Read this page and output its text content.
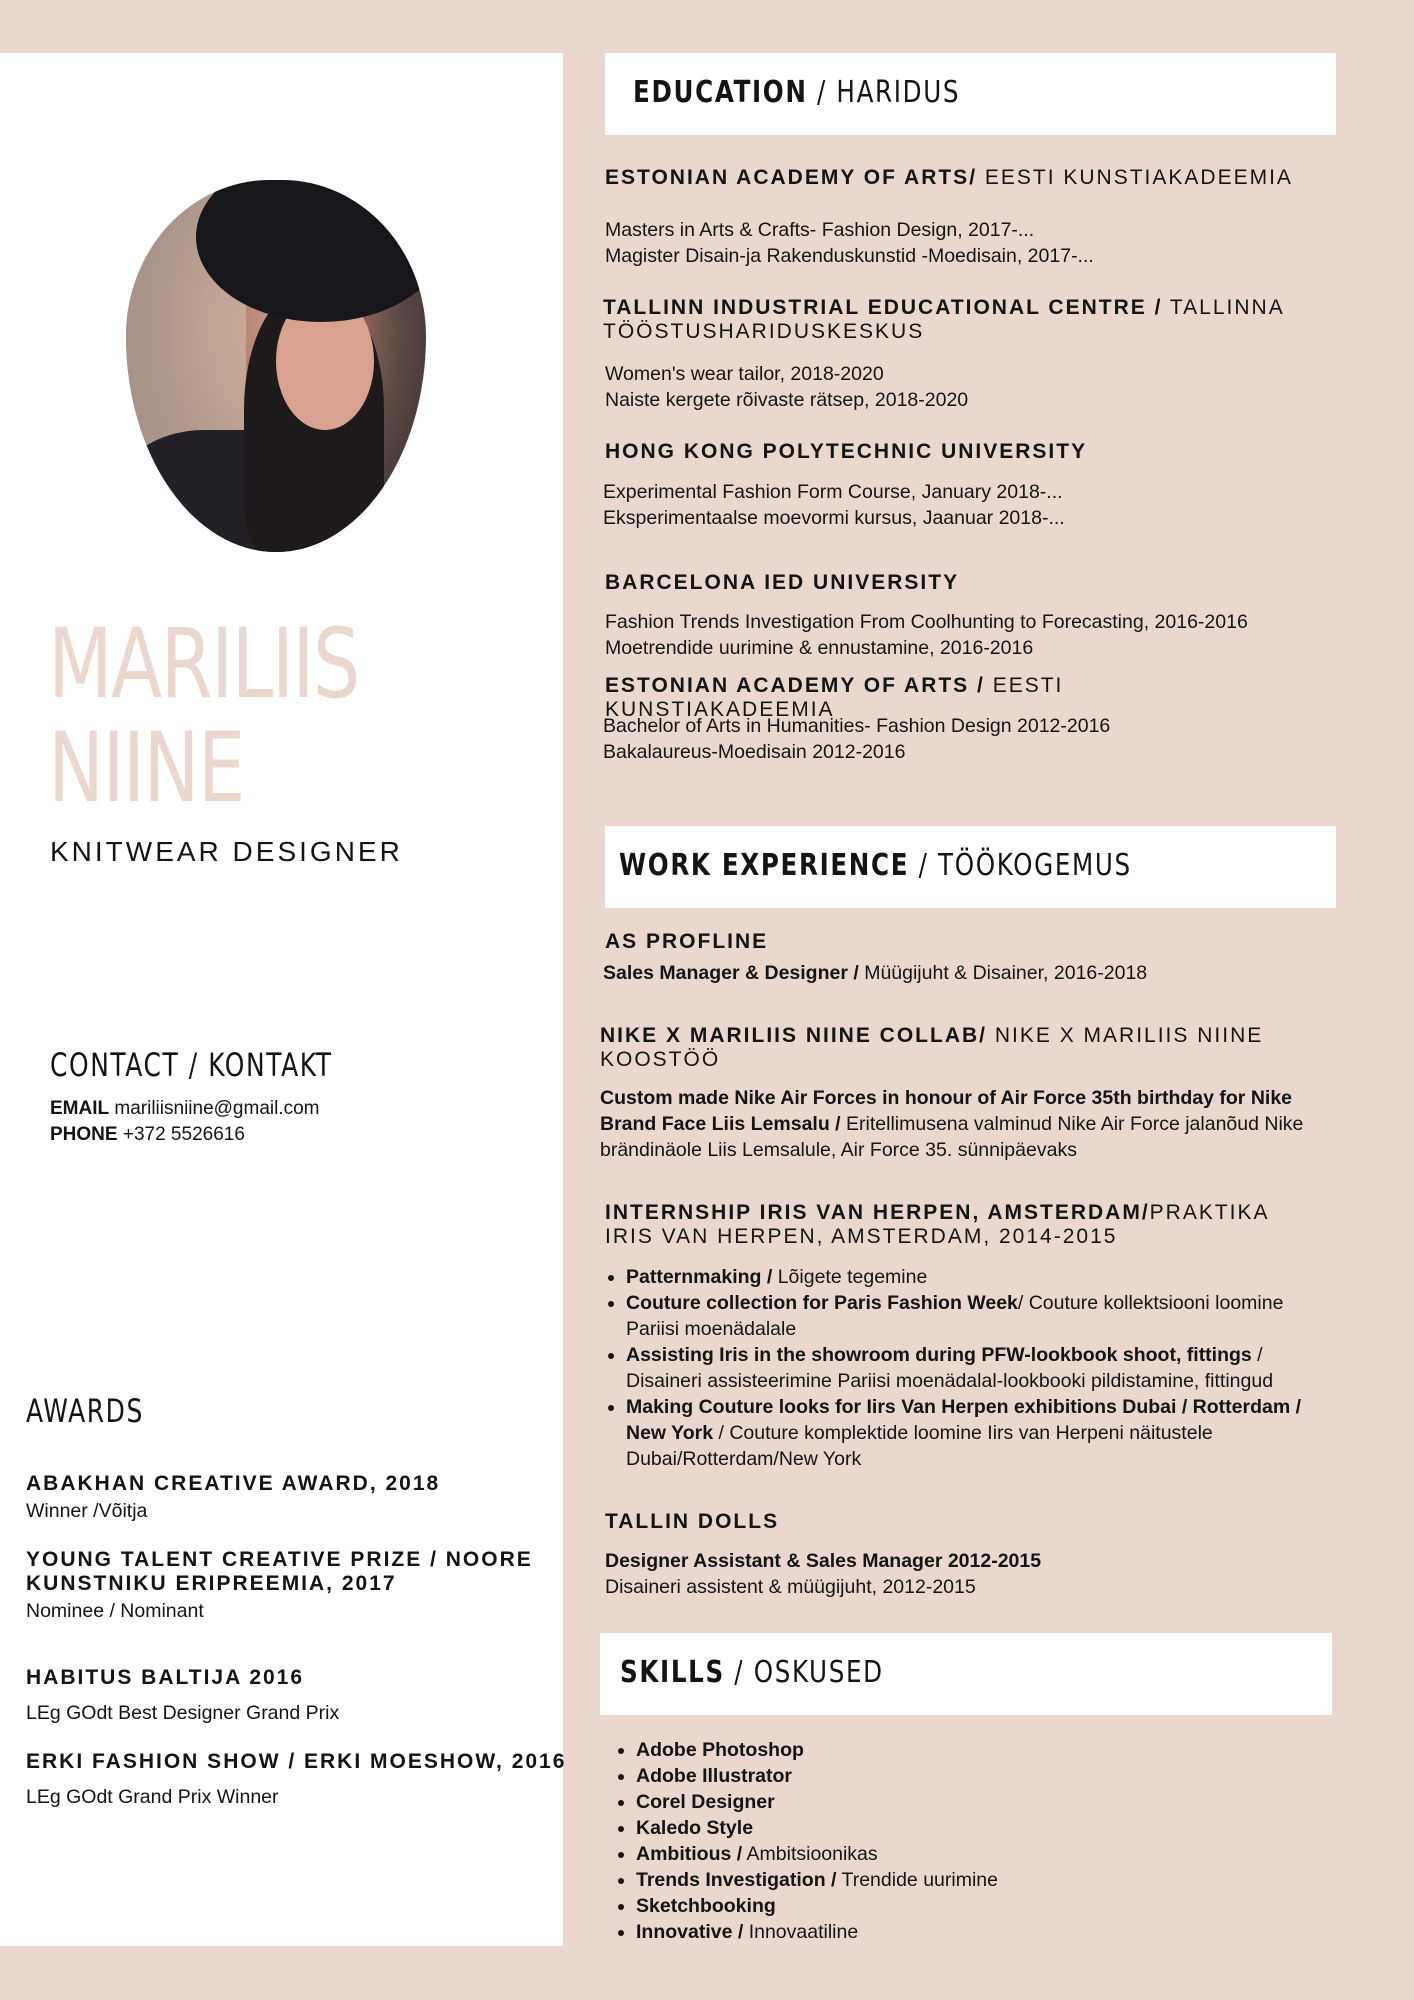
MARILIIS
NIINE
KNITWEAR DESIGNER
CONTACT / KONTAKT
EMAIL mariliisniine@gmail.com
PHONE +372 5526616
AWARDS
ABAKHAN CREATIVE AWARD, 2018
Winner /Võitja
YOUNG TALENT CREATIVE PRIZE / NOORE KUNSTNIKU ERIPREEMIA, 2017
Nominee / Nominant
HABITUS BALTIJA 2016
LEg GOdt Best Designer Grand Prix
ERKI FASHION SHOW / ERKI MOESHOW, 2016
LEg GOdt Grand Prix Winner
EDUCATION / HARIDUS
ESTONIAN ACADEMY OF ARTS/ EESTI KUNSTIAKADEEMIA
Masters in Arts & Crafts- Fashion Design, 2017-...
Magister Disain-ja Rakenduskunstid -Moedisain, 2017-...
TALLINN INDUSTRIAL EDUCATIONAL CENTRE / TALLINNA TÖÖSTUSHARIDUSKESKUS
Women's wear tailor, 2018-2020
Naiste kergete rõivaste rätsep, 2018-2020
HONG KONG POLYTECHNIC UNIVERSITY
Experimental Fashion Form Course, January 2018-...
Eksperimentaalse moevormi kursus, Jaanuar 2018-...
BARCELONA IED UNIVERSITY
Fashion Trends Investigation From Coolhunting to Forecasting, 2016-2016
Moetrendide uurimine & ennustamine, 2016-2016
ESTONIAN ACADEMY OF ARTS / EESTI KUNSTIAKADEEMIA
Bachelor of Arts in Humanities- Fashion Design 2012-2016
Bakalaureus-Moedisain 2012-2016
WORK EXPERIENCE / TÖÖKOGEMUS
AS PROFLINE
Sales Manager & Designer / Müügijuht & Disainer, 2016-2018
NIKE X MARILIIS NIINE COLLAB/ NIKE X MARILIIS NIINE KOOSTÖÖ
Custom made Nike Air Forces in honour of Air Force 35th birthday for Nike Brand Face Liis Lemsalu / Eritellimusena valminud Nike Air Force jalanõud Nike brändinäole Liis Lemsalule, Air Force 35. sünnipäevaks
INTERNSHIP IRIS VAN HERPEN, AMSTERDAM/PRAKTIKA IRIS VAN HERPEN, AMSTERDAM, 2014-2015
• Patternmaking / Lõigete tegemine
• Couture collection for Paris Fashion Week/ Couture kollektsiooni loomine Pariisi moenädalale
• Assisting Iris in the showroom during PFW-lookbook shoot, fittings / Disaineri assisteerimine Pariisi moenädalal-lookbooki pildistamine, fittingud
• Making Couture looks for Iirs Van Herpen exhibitions Dubai / Rotterdam / New York / Couture komplektide loomine Iirs van Herpeni näitustele Dubai/Rotterdam/New York
TALLIN DOLLS
Designer Assistant & Sales Manager 2012-2015
Disaineri assistent & müügijuht, 2012-2015
SKILLS / OSKUSED
• Adobe Photoshop
• Adobe Illustrator
• Corel Designer
• Kaledo Style
• Ambitious / Ambitsioonikas
• Trends Investigation / Trendide uurimine
• Sketchbooking
• Innovative / Innovaatiline
